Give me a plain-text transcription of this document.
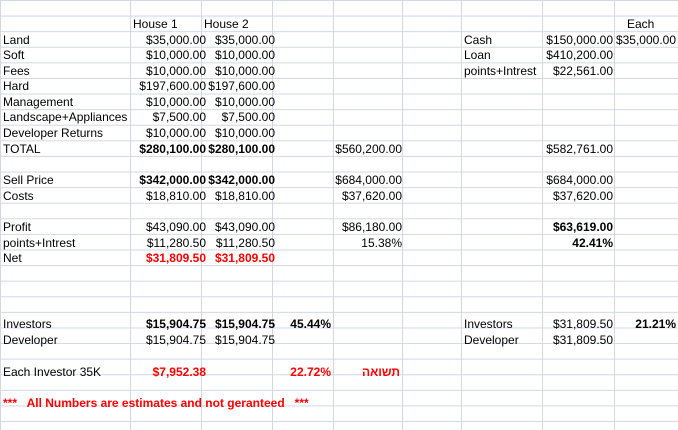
House 1 House 2	Each
Land	$35,000.00 $35,000.00	Cash	$150,000.00 $35,000.00
Soft	$10,000.00 $10,000.00	Loan	$410,200.00
Fees	$10,000.00 $10,000.00	points+Intrest $22,561.00
Hard	$197,600.00 $197,600.00
Management	$10,000.00 $10,000.00
Landscape+Appliances $7,500.00 $7,500.00
Developer Returns	$10,000.00 $10,000.00
TOTAL	$280,100.00 $280,100.00	$560,200.00	$582,761.00
Sell Price	$342,000.00 $342,000.00	$684,000.00	$684,000.00
Costs	$18,810.00 $18,810.00	$37,620.00	$37,620.00
Profit	$43,090.00 $43,090.00	$86,180.00	$63,619.00
points+Intrest	$11,280.50 $11,280.50	15.38%	42.41%
Net	$31,809.50 $31,809.50
Investors	$15,904.75 $15,904.75 45.44%	Investors	$31,809.50 21.21%
Developer	$15,904.75 $15,904.75	Developer	$31,809.50
Each Investor 35K	$7,952.38	22.72%	תשואה
***   All Numbers are estimates and not geranteed   ***
